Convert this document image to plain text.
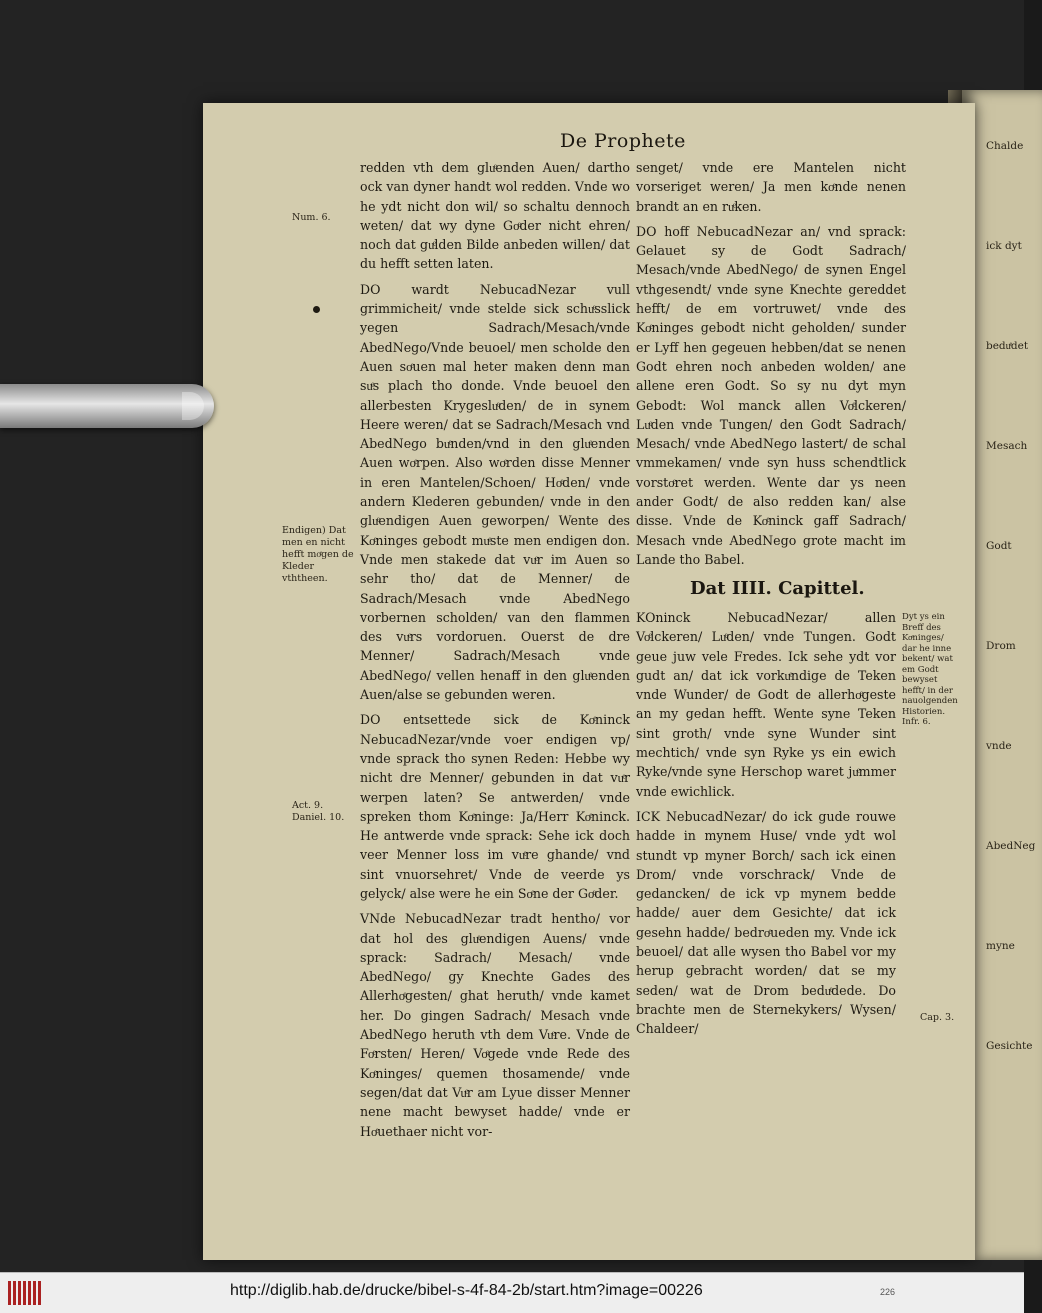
Chalde
ick dyt
beduͤdet
Mesach
Godt
Drom
vnde
AbedNeg
myne
Gesichte
De Prophete

redden vth dem gluͤenden Auen/ dartho ock van dyner handt wol redden. Vnde wo he ydt nicht don wil/ so schaltu dennoch weten/ dat wy dyne Goͤder nicht ehren/ noch dat guͤlden Bilde anbeden willen/ dat du hefft setten laten.

DO wardt NebucadNezar vull grimmicheit/ vnde stelde sick schuͤsslick yegen Sadrach/Mesach/vnde AbedNego/Vnde beuoel/ men scholde den Auen soͤuen mal heter maken denn man suͤs plach tho donde. Vnde beuoel den allerbesten Krygesluͤden/ de in synem Heere weren/ dat se Sadrach/Mesach vnd AbedNego buͤnden/vnd in den gluͤenden Auen woͤrpen. Also woͤrden disse Menner in eren Mantelen/Schoen/ Hoͤden/ vnde andern Kl​ederen gebunden/ vnde in den gluͤendigen Auen geworpen/ Wente des Koͤninges gebodt muͤste men endigen don. Vnde men stakede dat vuͤr im Auen so sehr tho/ dat de Menner/ de Sadrach/Mesach vnde AbedNego vorbernen scholden/ van den flammen des vuͤrs vordoruen. Ouerst de dre Menner/ Sadrach/Mesach vnde AbedNego/ vellen henaff in den gluͤenden Auen/alse se gebunden weren.

DO entsettede sick de Koͤninck NebucadNezar/vnde voer endigen vp/ vnde sprack tho synen Reden: Hebbe wy nicht dre Menner/ gebunden in dat vuͤr werpen laten? Se antwerden/ vnde spreken thom Koͤninge: Ja/Herr Koͤninck. He antwerde vnde sprack: Sehe ick doch veer Menner loss im vuͤre ghande/ vnd sint vnuorsehret/ Vnde de veerde ys gelyck/ alse were he ein Soͤne der Goͤder.

VNde NebucadNezar tradt hentho/ vor dat hol des gluͤendigen Auens/ vnde sprack: Sadrach/ Mesach/ vnde AbedNego/ gy Knechte Gades des Allerhoͤgesten/ ghat heruth/ vnde kamet her. Do gingen Sadrach/ Mesach vnde AbedNego heruth vth dem Vuͤre. Vnde de Foͤrsten/ Heren/ Voͤgede vnde Rede des Koͤninges/ quemen thosamende/ vnde segen/dat dat Vuͤr am Lyue disser Menner nene macht bewyset hadde/ vnde er Hoͤuethaer nicht vor-

senget/ vnde ere Mantelen nicht vorseriget weren/ Ja men koͤnde nenen brandt an en ruͤken.

DO hoff NebucadNezar an/ vnd sprack: Gelauet sy de Godt Sadrach/ Mesach/vnde AbedNego/ de synen Engel vthgesendt/ vnde syne Knechte gereddet hefft/ de em vortruwet/ vnde des Koͤninges gebodt nicht geholden/ sunder er Lyff hen gegeuen hebben/dat se nenen Godt ehren noch anbeden wolden/ ane allene eren Godt. So sy nu dyt myn Gebodt: Wol manck allen Voͤlckeren/ Luͤden vnde Tungen/ den Godt Sadrach/ Mesach/ vnde AbedNego lastert/ de schal vmmekamen/ vnde syn huss schendtlick vorstoͤret werden. Wente dar ys neen ander Godt/ de also redden kan/ alse disse. Vnde de Koͤninck gaff Sadrach/ Mesach vnde AbedNego grote macht im Lande tho Babel.

Dat IIII. Capittel.

KOninck NebucadNezar/ allen Voͤlckeren/ Luͤden/ vnde Tungen. Godt geue juw vele Fredes. Ick sehe ydt vor gudt an/ dat ick vorkuͤndige de Teken vnde Wunder/ de Godt de allerhoͤgeste an my gedan hefft. Wente syne Teken sint groth/ vnde syne Wunder sint mechtich/ vnde syn Ryke ys ein ewich Ryke/vnde syne Herschop waret juͤmmer vnde ewichlick.

ICK NebucadNezar/ do ick gude rouwe hadde in mynem Huse/ vnde ydt wol stundt vp myner Borch/ sach ick einen Drom/ vnde vorschrack/ Vnde de gedancken/ de ick vp mynem bedde hadde/ auer dem Gesichte/ dat ick gesehn hadde/ bedroͤueden my. Vnde ick beuoel/ dat alle wysen tho Babel vor my herup gebracht worden/ dat se my seden/ wat de Drom beduͤdede. Do brachte men de Sternekykers/ Wysen/ Chaldeer/

Num. 6.
Endigen) Dat men en nicht hefft moͤgen de Kleder vththeen.
Act. 9. Daniel. 10.
Dyt ys ein Breff des Koͤninges/ dar he inne bekent/ wat em Godt bewyset hefft/ in der nauolgenden Historien. Infr. 6.
Cap. 3.
http://diglib.hab.de/drucke/bibel-s-4f-84-2b/start.htm?image=00226	226
